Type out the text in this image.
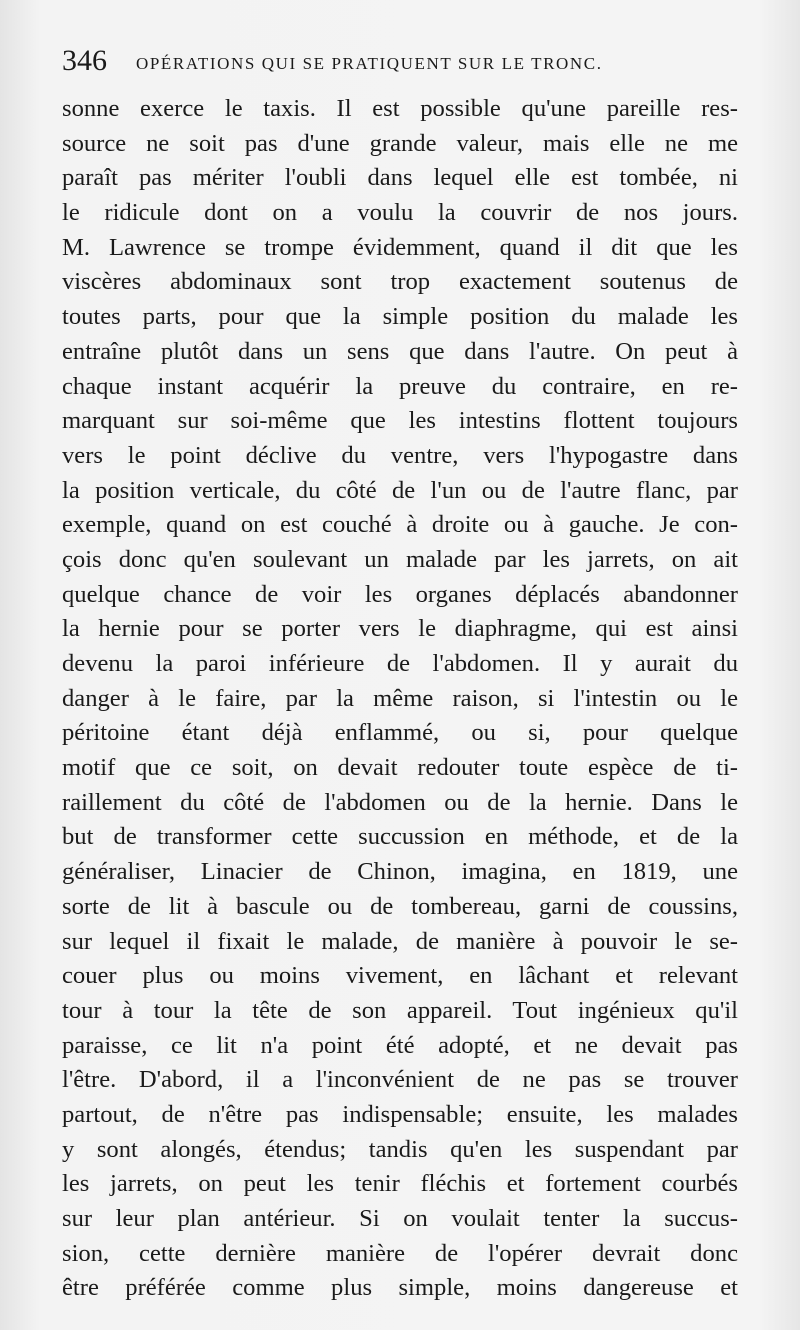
346 OPÉRATIONS QUI SE PRATIQUENT SUR LE TRONC.
sonne exerce le taxis. Il est possible qu'une pareille res-
source ne soit pas d'une grande valeur, mais elle ne me
paraît pas mériter l'oubli dans lequel elle est tombée, ni
le ridicule dont on a voulu la couvrir de nos jours.
M. Lawrence se trompe évidemment, quand il dit que les
viscères abdominaux sont trop exactement soutenus de
toutes parts, pour que la simple position du malade les
entraîne plutôt dans un sens que dans l'autre. On peut à
chaque instant acquérir la preuve du contraire, en re-
marquant sur soi-même que les intestins flottent toujours
vers le point déclive du ventre, vers l'hypogastre dans
la position verticale, du côté de l'un ou de l'autre flanc, par
exemple, quand on est couché à droite ou à gauche. Je con-
çois donc qu'en soulevant un malade par les jarrets, on ait
quelque chance de voir les organes déplacés abandonner
la hernie pour se porter vers le diaphragme, qui est ainsi
devenu la paroi inférieure de l'abdomen. Il y aurait du
danger à le faire, par la même raison, si l'intestin ou le
péritoine étant déjà enflammé, ou si, pour quelque
motif que ce soit, on devait redouter toute espèce de ti-
raillement du côté de l'abdomen ou de la hernie. Dans le
but de transformer cette succussion en méthode, et de la
généraliser, Linacier de Chinon, imagina, en 1819, une
sorte de lit à bascule ou de tombereau, garni de coussins,
sur lequel il fixait le malade, de manière à pouvoir le se-
couer plus ou moins vivement, en lâchant et relevant
tour à tour la tête de son appareil. Tout ingénieux qu'il
paraisse, ce lit n'a point été adopté, et ne devait pas
l'être. D'abord, il a l'inconvénient de ne pas se trouver
partout, de n'être pas indispensable; ensuite, les malades
y sont alongés, étendus; tandis qu'en les suspendant par
les jarrets, on peut les tenir fléchis et fortement courbés
sur leur plan antérieur. Si on voulait tenter la succus-
sion, cette dernière manière de l'opérer devrait donc
être préférée comme plus simple, moins dangereuse et
